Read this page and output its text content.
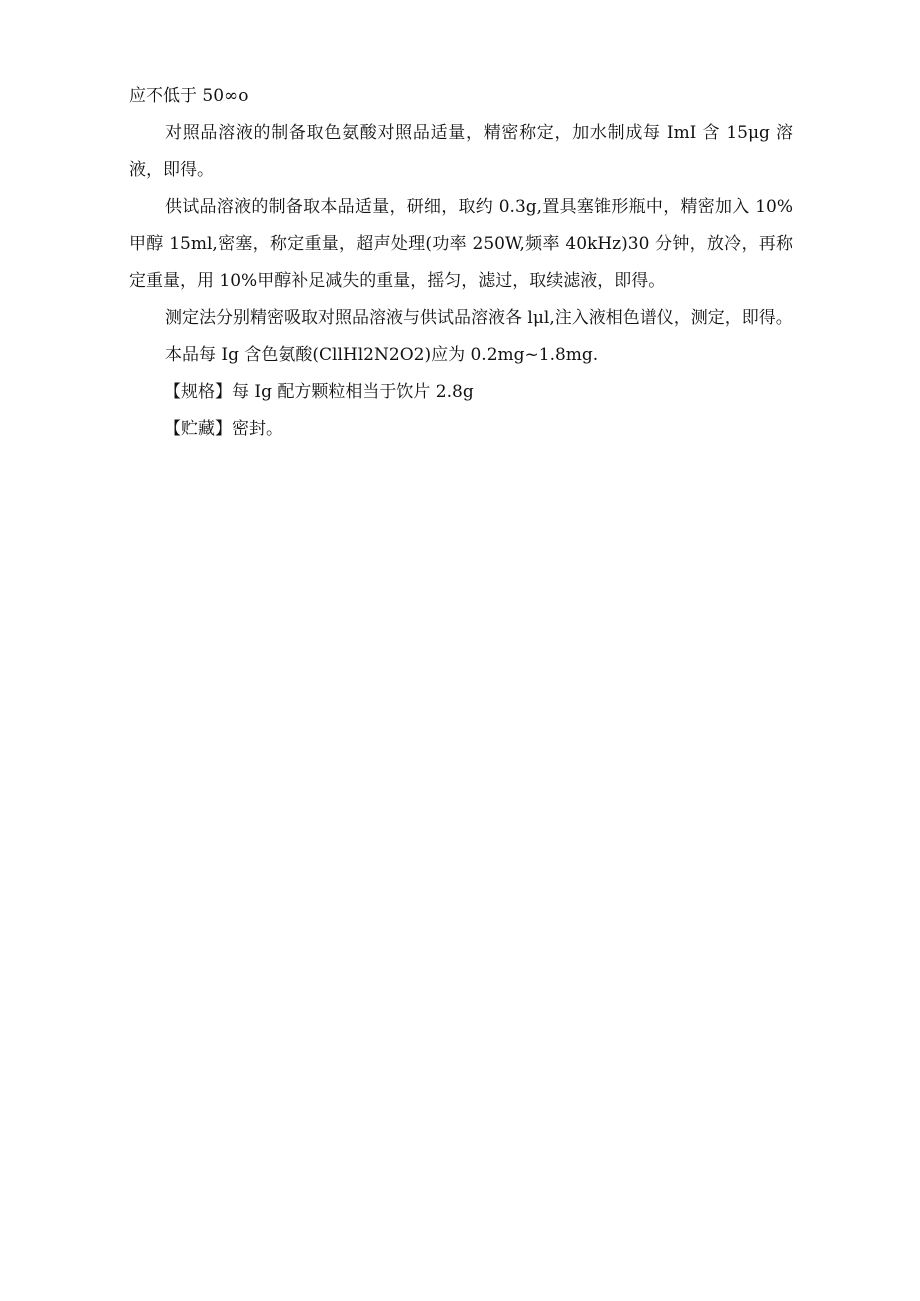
应不低于 50∞o

对照品溶液的制备取色氨酸对照品适量，精密称定，加水制成每 ImI 含 15μg 溶液，即得。

供试品溶液的制备取本品适量，研细，取约 0.3g,置具塞锥形瓶中，精密加入 10%甲醇 15ml,密塞，称定重量，超声处理(功率 250W,频率 40kHz)30 分钟，放冷，再称定重量，用 10%甲醇补足减失的重量，摇匀，滤过，取续滤液，即得。

测定法分别精密吸取对照品溶液与供试品溶液各 lμl,注入液相色谱仪，测定，即得。

本品每 Ig 含色氨酸(CllHl2N2O2)应为 0.2mg~1.8mg.

【规格】每 Ig 配方颗粒相当于饮片 2.8g

【贮藏】密封。
